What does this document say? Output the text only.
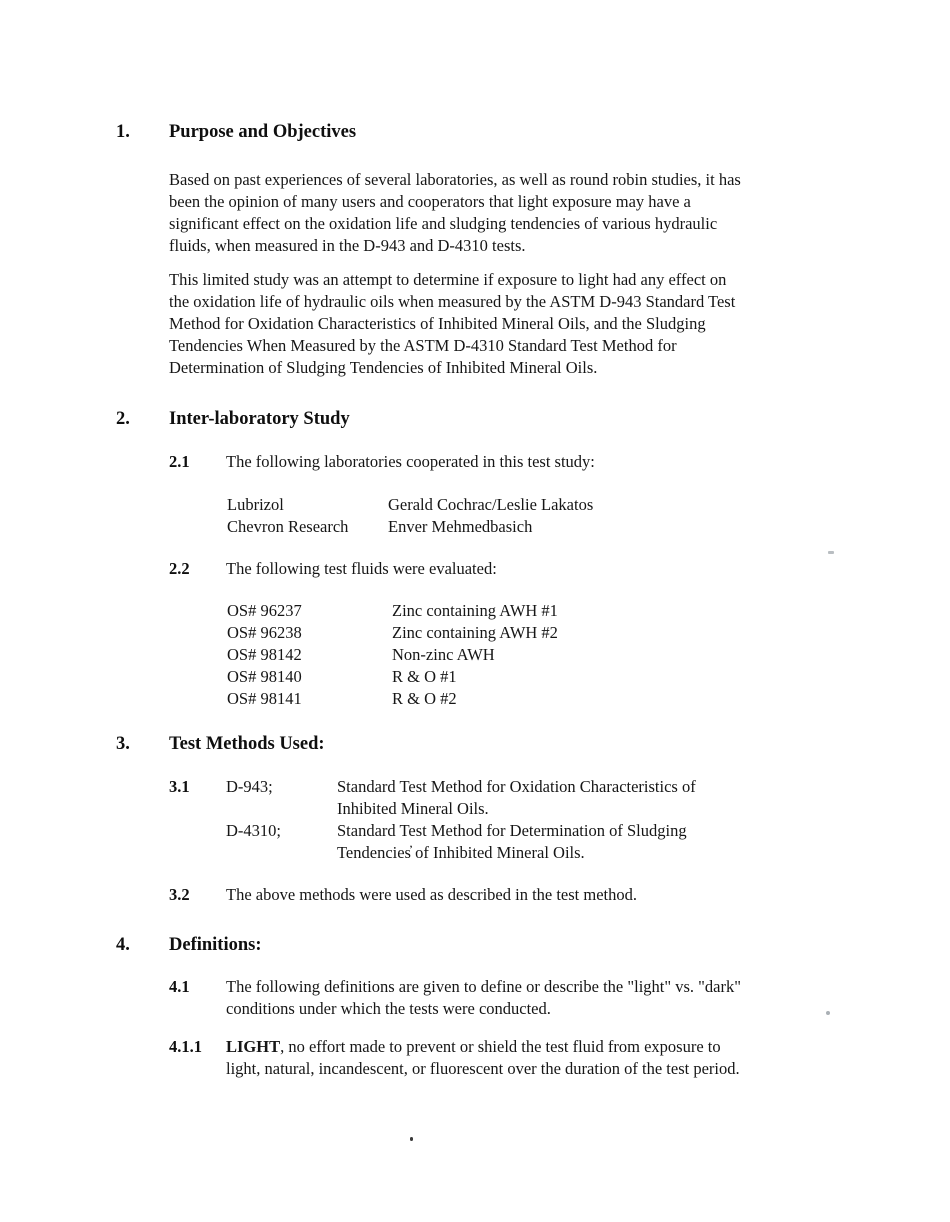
1.	Purpose and Objectives
Based on past experiences of several laboratories, as well as round robin studies, it has
been the opinion of many users and cooperators that light exposure may have a
significant effect on the oxidation life and sludging tendencies of various hydraulic
fluids, when measured in the D-943 and D-4310 tests.
This limited study was an attempt to determine if exposure to light had any effect on
the oxidation life of hydraulic oils when measured by the ASTM D-943 Standard Test
Method for Oxidation Characteristics of Inhibited Mineral Oils, and the Sludging
Tendencies When Measured by the ASTM D-4310 Standard Test Method for
Determination of Sludging Tendencies of Inhibited Mineral Oils.
2.	Inter-laboratory Study
2.1	The following laboratories cooperated in this test study:
Lubrizol	Gerald Cochrac/Leslie Lakatos
Chevron Research	Enver Mehmedbasich
2.2	The following test fluids were evaluated:
OS# 96237	Zinc containing AWH #1
OS# 96238	Zinc containing AWH #2
OS# 98142	Non-zinc AWH
OS# 98140	R & O #1
OS# 98141	R & O #2
3.	Test Methods Used:
3.1	D-943;	Standard Test Method for Oxidation Characteristics of
Inhibited Mineral Oils.
D-4310;	Standard Test Method for Determination of Sludging
Tendencies̓ of Inhibited Mineral Oils.
3.2	The above methods were used as described in the test method.
4.	Definitions:
4.1	The following definitions are given to define or describe the "light" vs. "dark"
conditions under which the tests were conducted.
4.1.1	LIGHT, no effort made to prevent or shield the test fluid from exposure to
light, natural, incandescent, or fluorescent over the duration of the test period.
